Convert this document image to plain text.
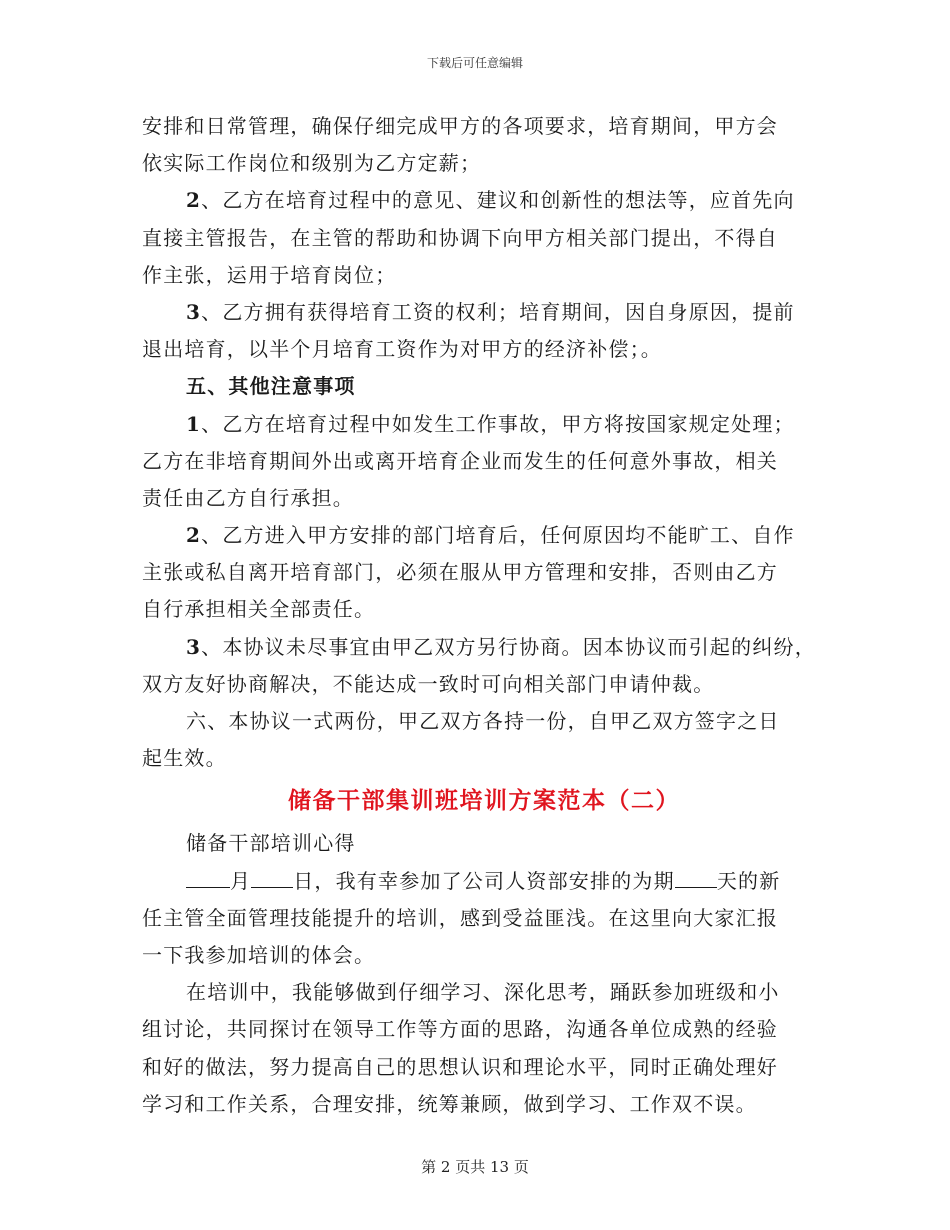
下载后可任意编辑
安排和日常管理，确保仔细完成甲方的各项要求，培育期间，甲方会
依实际工作岗位和级别为乙方定薪；
2、乙方在培育过程中的意见、建议和创新性的想法等，应首先向
直接主管报告，在主管的帮助和协调下向甲方相关部门提出，不得自
作主张，运用于培育岗位；
3、乙方拥有获得培育工资的权利；培育期间，因自身原因，提前
退出培育，以半个月培育工资作为对甲方的经济补偿；。
五、其他注意事项
1、乙方在培育过程中如发生工作事故，甲方将按国家规定处理；
乙方在非培育期间外出或离开培育企业而发生的任何意外事故，相关
责任由乙方自行承担。
2、乙方进入甲方安排的部门培育后，任何原因均不能旷工、自作
主张或私自离开培育部门，必须在服从甲方管理和安排，否则由乙方
自行承担相关全部责任。
3、本协议未尽事宜由甲乙双方另行协商。因本协议而引起的纠纷，
双方友好协商解决，不能达成一致时可向相关部门申请仲裁。
六、本协议一式两份，甲乙双方各持一份，自甲乙双方签字之日
起生效。
储备干部集训班培训方案范本（二）
储备干部培训心得
月 日，我有幸参加了公司人资部安排的为期 天的新
任主管全面管理技能提升的培训，感到受益匪浅。在这里向大家汇报
一下我参加培训的体会。
在培训中，我能够做到仔细学习、深化思考，踊跃参加班级和小
组讨论，共同探讨在领导工作等方面的思路，沟通各单位成熟的经验
和好的做法，努力提高自己的思想认识和理论水平，同时正确处理好
学习和工作关系，合理安排，统筹兼顾，做到学习、工作双不误。
第 2 页共 13 页
